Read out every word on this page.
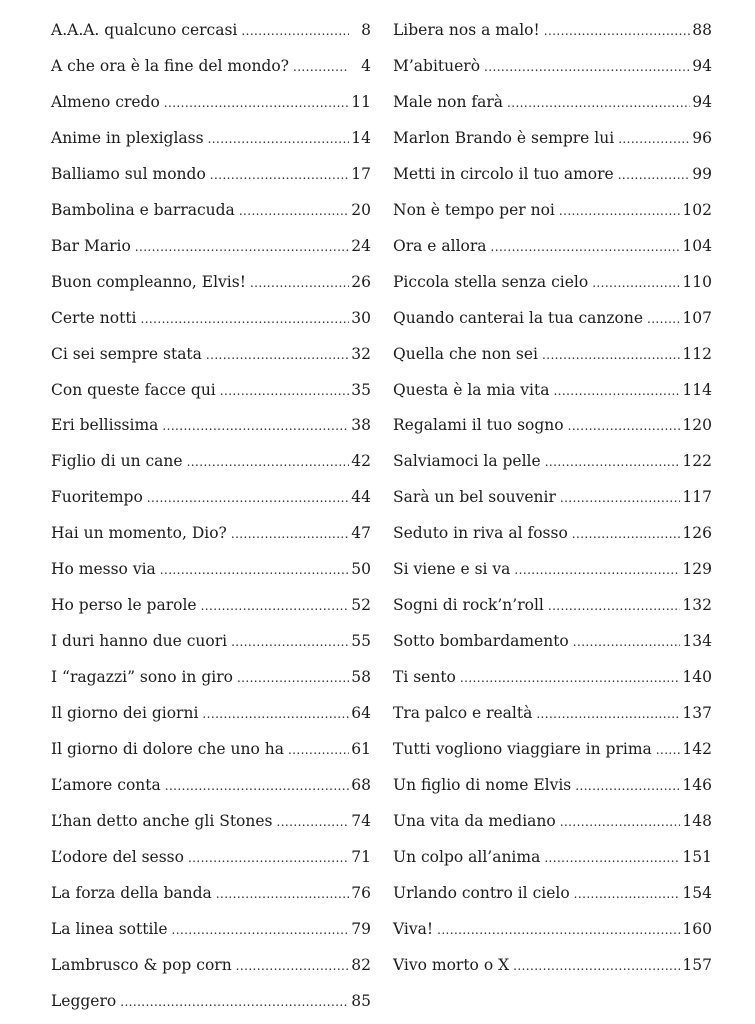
A.A.A. qualcuno cercasi .....	8
A che ora è la fine del mondo? .....	4
Almeno credo .....	11
Anime in plexiglass .....	14
Balliamo sul mondo .....	17
Bambolina e barracuda .....	20
Bar Mario .....	24
Buon compleanno, Elvis! .....	26
Certe notti .....	30
Ci sei sempre stata .....	32
Con queste facce qui .....	35
Eri bellissima .....	38
Figlio di un cane .....	42
Fuoritempo .....	44
Hai un momento, Dio? .....	47
Ho messo via .....	50
Ho perso le parole .....	52
I duri hanno due cuori .....	55
I “ragazzi” sono in giro .....	58
Il giorno dei giorni .....	64
Il giorno di dolore che uno ha .....	61
L’amore conta .....	68
L’han detto anche gli Stones .....	74
L’odore del sesso .....	71
La forza della banda .....	76
La linea sottile .....	79
Lambrusco & pop corn .....	82
Leggero .....	85
Libera nos a malo! .....	88
M’abituerò .....	94
Male non farà .....	94
Marlon Brando è sempre lui .....	96
Metti in circolo il tuo amore .....	99
Non è tempo per noi .....	102
Ora e allora .....	104
Piccola stella senza cielo .....	110
Quando canterai la tua canzone .....	107
Quella che non sei .....	112
Questa è la mia vita .....	114
Regalami il tuo sogno .....	120
Salviamoci la pelle .....	122
Sarà un bel souvenir .....	117
Seduto in riva al fosso .....	126
Si viene e si va .....	129
Sogni di rock’n’roll .....	132
Sotto bombardamento .....	134
Ti sento .....	140
Tra palco e realtà .....	137
Tutti vogliono viaggiare in prima ..... 142
Un figlio di nome Elvis .....	146
Una vita da mediano .....	148
Un colpo all’anima .....	151
Urlando contro il cielo .....	154
Viva! .....	160
Vivo morto o X .....	157
